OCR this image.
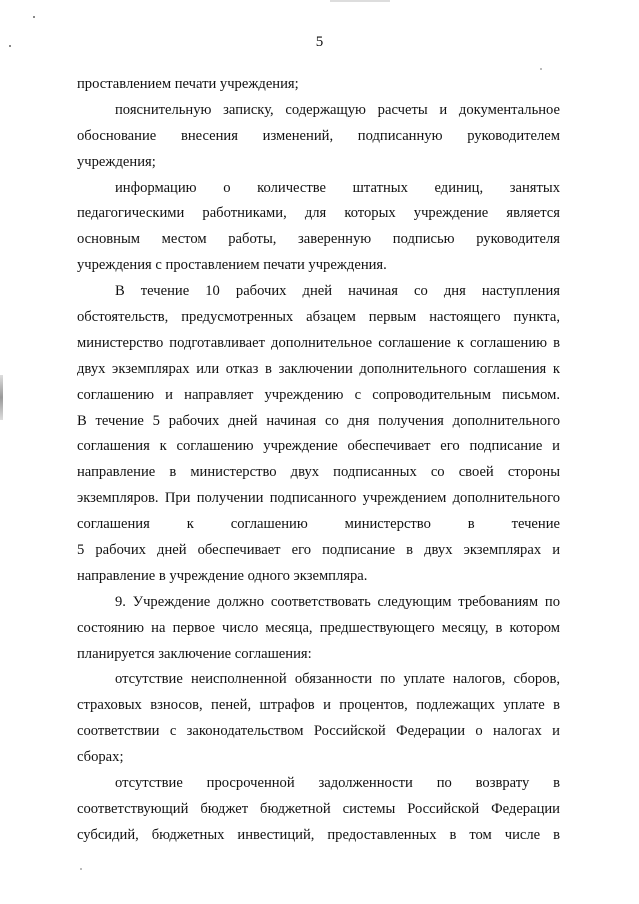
5
проставлением печати учреждения;
пояснительную записку, содержащую расчеты и документальное
обоснование внесения изменений, подписанную руководителем
учреждения;
информацию о количестве штатных единиц, занятых
педагогическими работниками, для которых учреждение является
основным местом работы, заверенную подписью руководителя
учреждения с проставлением печати учреждения.
В течение 10 рабочих дней начиная со дня наступления
обстоятельств, предусмотренных абзацем первым настоящего пункта,
министерство подготавливает дополнительное соглашение к соглашению в
двух экземплярах или отказ в заключении дополнительного соглашения к
соглашению и направляет учреждению с сопроводительным письмом.
В течение 5 рабочих дней начиная со дня получения дополнительного
соглашения к соглашению учреждение обеспечивает его подписание и
направление в министерство двух подписанных со своей стороны
экземпляров. При получении подписанного учреждением дополнительного
соглашения к соглашению министерство в течение
5 рабочих дней обеспечивает его подписание в двух экземплярах и
направление в учреждение одного экземпляра.
9. Учреждение должно соответствовать следующим требованиям по
состоянию на первое число месяца, предшествующего месяцу, в котором
планируется заключение соглашения:
отсутствие неисполненной обязанности по уплате налогов, сборов,
страховых взносов, пеней, штрафов и процентов, подлежащих уплате в
соответствии с законодательством Российской Федерации о налогах и
сборах;
отсутствие просроченной задолженности по возврату в
соответствующий бюджет бюджетной системы Российской Федерации
субсидий, бюджетных инвестиций, предоставленных в том числе в
